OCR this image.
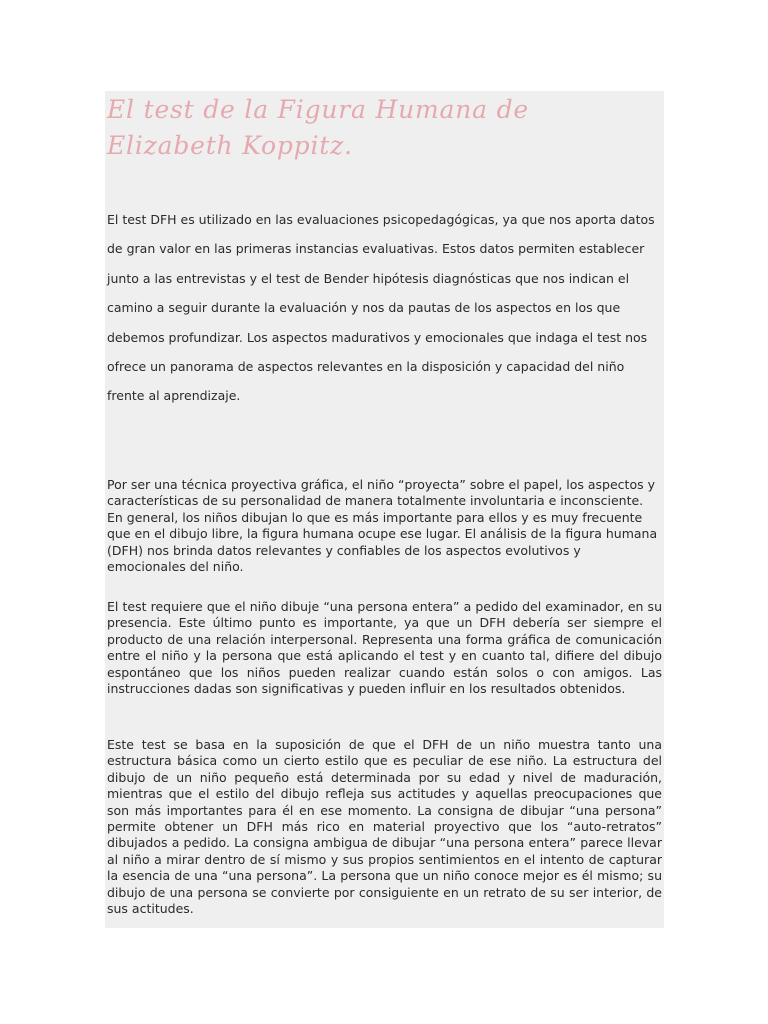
El test de la Figura Humana de Elizabeth Koppitz.

El test DFH es utilizado en las evaluaciones psicopedagógicas, ya que nos aporta datos de gran valor en las primeras instancias evaluativas. Estos datos permiten establecer junto a las entrevistas y el test de Bender hipótesis diagnósticas que nos indican el camino a seguir durante la evaluación y nos da pautas de los aspectos en los que debemos profundizar. Los aspectos madurativos y emocionales que indaga el test nos ofrece un panorama de aspectos relevantes en la disposición y capacidad del niño frente al aprendizaje.

Por ser una técnica proyectiva gráfica, el niño “proyecta” sobre el papel, los aspectos y características de su personalidad de manera totalmente involuntaria e inconsciente. En general, los niños dibujan lo que es más importante para ellos y es muy frecuente que en el dibujo libre, la figura humana ocupe ese lugar. El análisis de la figura humana (DFH) nos brinda datos relevantes y confiables de los aspectos evolutivos y emocionales del niño.

El test requiere que el niño dibuje “una persona entera” a pedido del examinador, en su presencia. Este último punto es importante, ya que un DFH debería ser siempre el producto de una relación interpersonal. Representa una forma gráfica de comunicación entre el niño y la persona que está aplicando el test y en cuanto tal, difiere del dibujo espontáneo que los niños pueden realizar cuando están solos o con amigos. Las instrucciones dadas son significativas y pueden influir en los resultados obtenidos.

Este test se basa en la suposición de que el DFH de un niño muestra tanto una estructura básica como un cierto estilo que es peculiar de ese niño. La estructura del dibujo de un niño pequeño está determinada por su edad y nivel de maduración, mientras que el estilo del dibujo refleja sus actitudes y aquellas preocupaciones que son más importantes para él en ese momento. La consigna de dibujar “una persona” permite obtener un DFH más rico en material proyectivo que los “auto-retratos” dibujados a pedido. La consigna ambigua de dibujar “una persona entera” parece llevar al niño a mirar dentro de sí mismo y sus propios sentimientos en el intento de capturar la esencia de una “una persona”. La persona que un niño conoce mejor es él mismo; su dibujo de una persona se convierte por consiguiente en un retrato de su ser interior, de sus actitudes.
